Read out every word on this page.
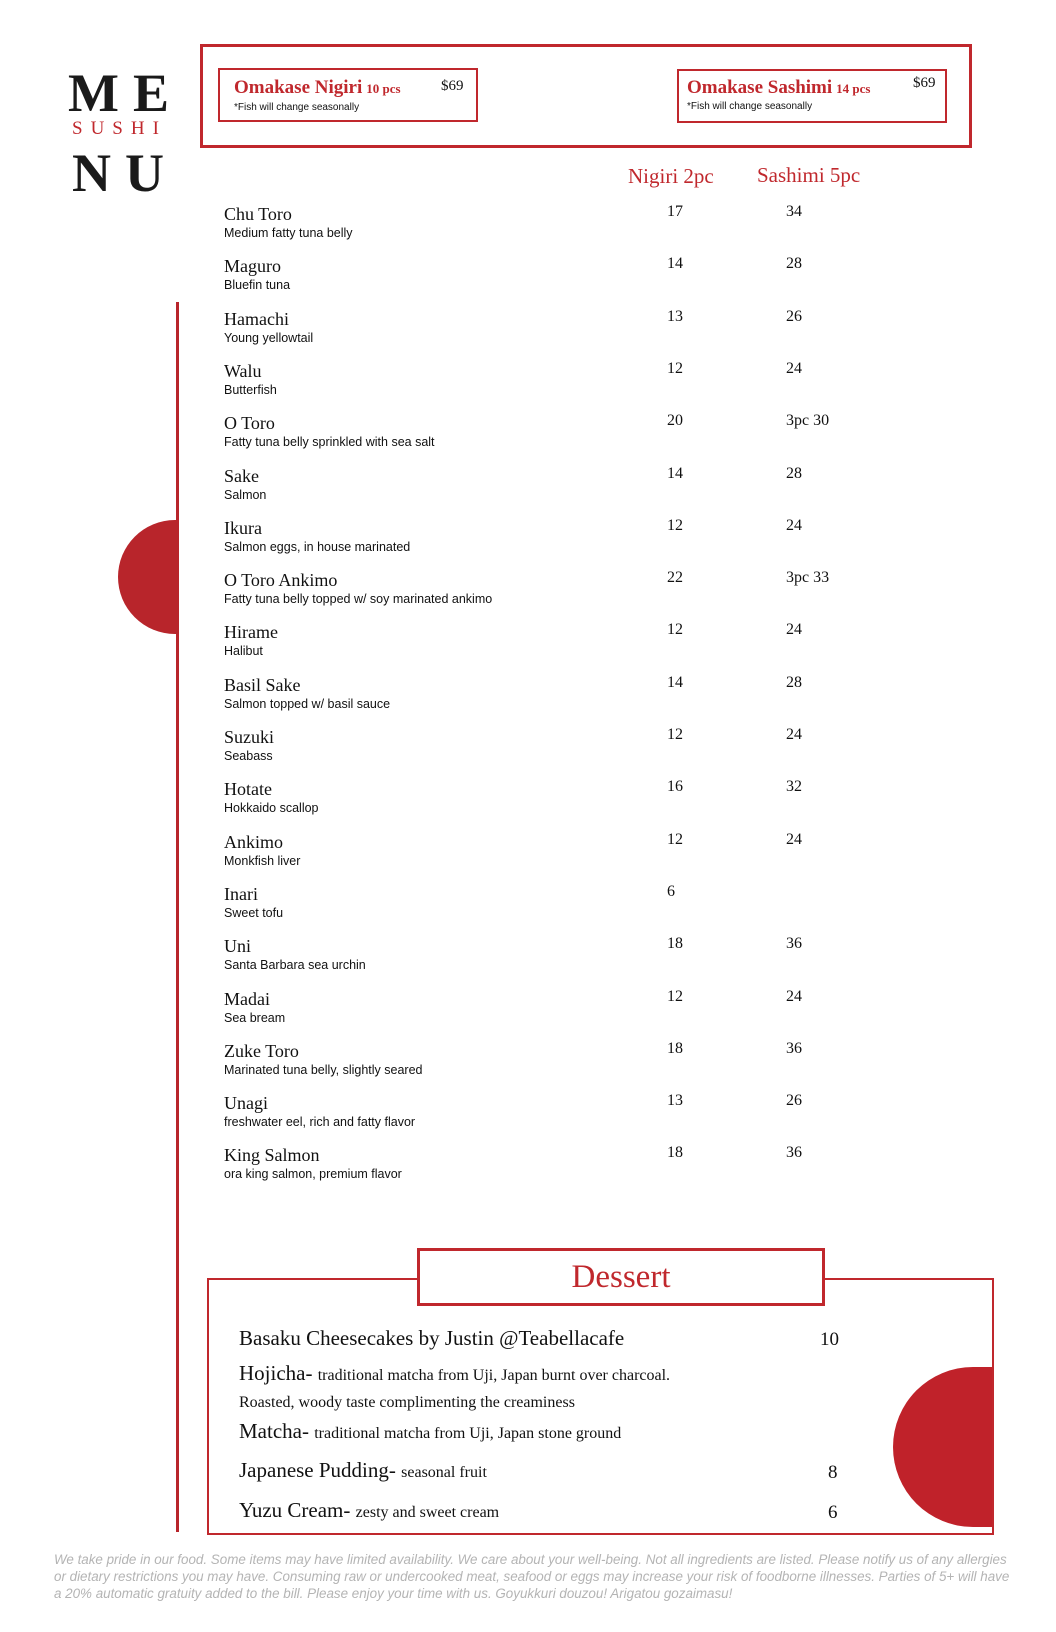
ME
SUSHI
NU
Omakase Nigiri 10 pcs	$69
*Fish will change seasonally
Omakase Sashimi 14 pcs	$69
*Fish will change seasonally
Nigiri 2pc Sashimi 5pc
Chu Toro
Medium fatty tuna belly
17	34
Maguro
Bluefin tuna
14	28
Hamachi
Young yellowtail
13	26
Walu
Butterfish
12	24
O Toro
Fatty tuna belly sprinkled with sea salt
20	3pc 30
Sake
Salmon
14	28
Ikura
Salmon eggs, in house marinated
12	24
O Toro Ankimo
Fatty tuna belly topped w/ soy marinated ankimo
22	3pc 33
Hirame
Halibut
12	24
Basil Sake
Salmon topped w/ basil sauce
14	28
Suzuki
Seabass
12	24
Hotate
Hokkaido scallop
16	32
Ankimo
Monkfish liver
12	24
Inari
Sweet tofu
6
Uni
Santa Barbara sea urchin
18	36
Madai
Sea bream
12	24
Zuke Toro
Marinated tuna belly, slightly seared
18	36
Unagi
freshwater eel, rich and fatty flavor
13	26
King Salmon
ora king salmon, premium flavor
18	36
Dessert
Basaku Cheesecakes by Justin @Teabellacafe	10
Hojicha- traditional matcha from Uji, Japan burnt over charcoal.
Roasted, woody taste complimenting the creaminess
Matcha- traditional matcha from Uji, Japan stone ground
Japanese Pudding- seasonal fruit	8
Yuzu Cream- zesty and sweet cream	6
We take pride in our food. Some items may have limited availability. We care about your well-being. Not all ingredients are listed. Please notify us of any allergies or dietary restrictions you may have. Consuming raw or undercooked meat, seafood or eggs may increase your risk of foodborne illnesses. Parties of 5+ will have a 20% automatic gratuity added to the bill. Please enjoy your time with us. Goyukkuri douzou! Arigatou gozaimasu!
